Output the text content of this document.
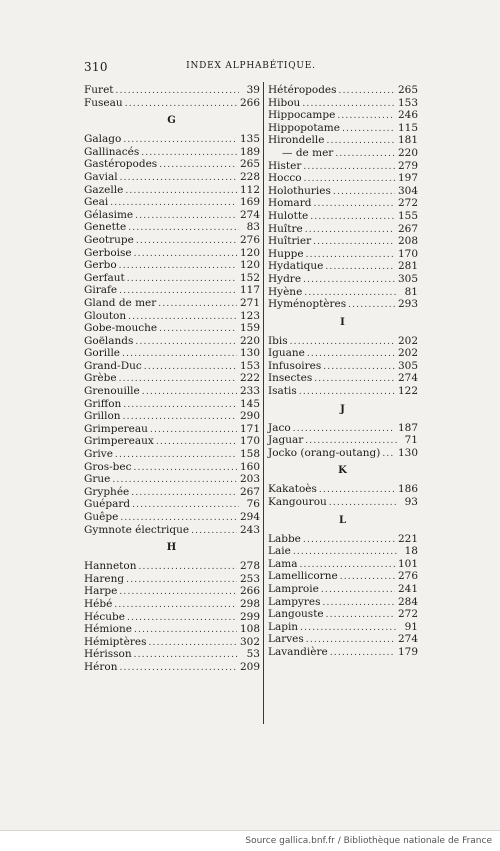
310	INDEX ALPHABÉTIQUE.
Furet .....	39
Fuseau .....	266
G
Galago .....	135
Gallinacés .....	189
Gastéropodes .....	265
Gavial .....	228
Gazelle .....	112
Geai .....	169
Gélasime .....	274
Genette .....	83
Geotrupe .....	276
Gerboise .....	120
Gerbo .....	120
Gerfaut .....	152
Girafe .....	117
Gland de mer .....	271
Glouton .....	123
Gobe-mouche .....	159
Goëlands .....	220
Gorille .....	130
Grand-Duc .....	153
Grèbe .....	222
Grenouille .....	233
Griffon .....	145
Grillon .....	290
Grimpereau .....	171
Grimpereaux .....	170
Grive .....	158
Gros-bec .....	160
Grue .....	203
Gryphée .....	267
Guépard .....	76
Guêpe .....	294
Gymnote électrique .....	243
H
Hanneton .....	278
Hareng .....	253
Harpe .....	266
Hébé .....	298
Hécube .....	299
Hémione .....	108
Hémiptères .....	302
Hérisson .....	53
Héron .....	209
Hétéropodes .....	265
Hibou .....	153
Hippocampe .....	246
Hippopotame .....	115
Hirondelle .....	181
— de mer .....	220
Hister .....	279
Hocco .....	197
Holothuries .....	304
Homard .....	272
Hulotte .....	155
Huître .....	267
Huîtrier .....	208
Huppe .....	170
Hydatique .....	281
Hydre .....	305
Hyène .....	81
Hyménoptères .....	293
I
Ibis .....	202
Iguane .....	202
Infusoires .....	305
Insectes .....	274
Isatis .....	122
J
Jaco .....	187
Jaguar .....	71
Jocko (orang-outang) ..... 130
K
Kakatoès .....	186
Kangourou .....	93
L
Labbe .....	221
Laie .....	18
Lama .....	101
Lamellicorne .....	276
Lamproie .....	241
Lampyres .....	284
Langouste .....	272
Lapin .....	91
Larves .....	274
Lavandière .....	179
Source gallica.bnf.fr / Bibliothèque nationale de France
